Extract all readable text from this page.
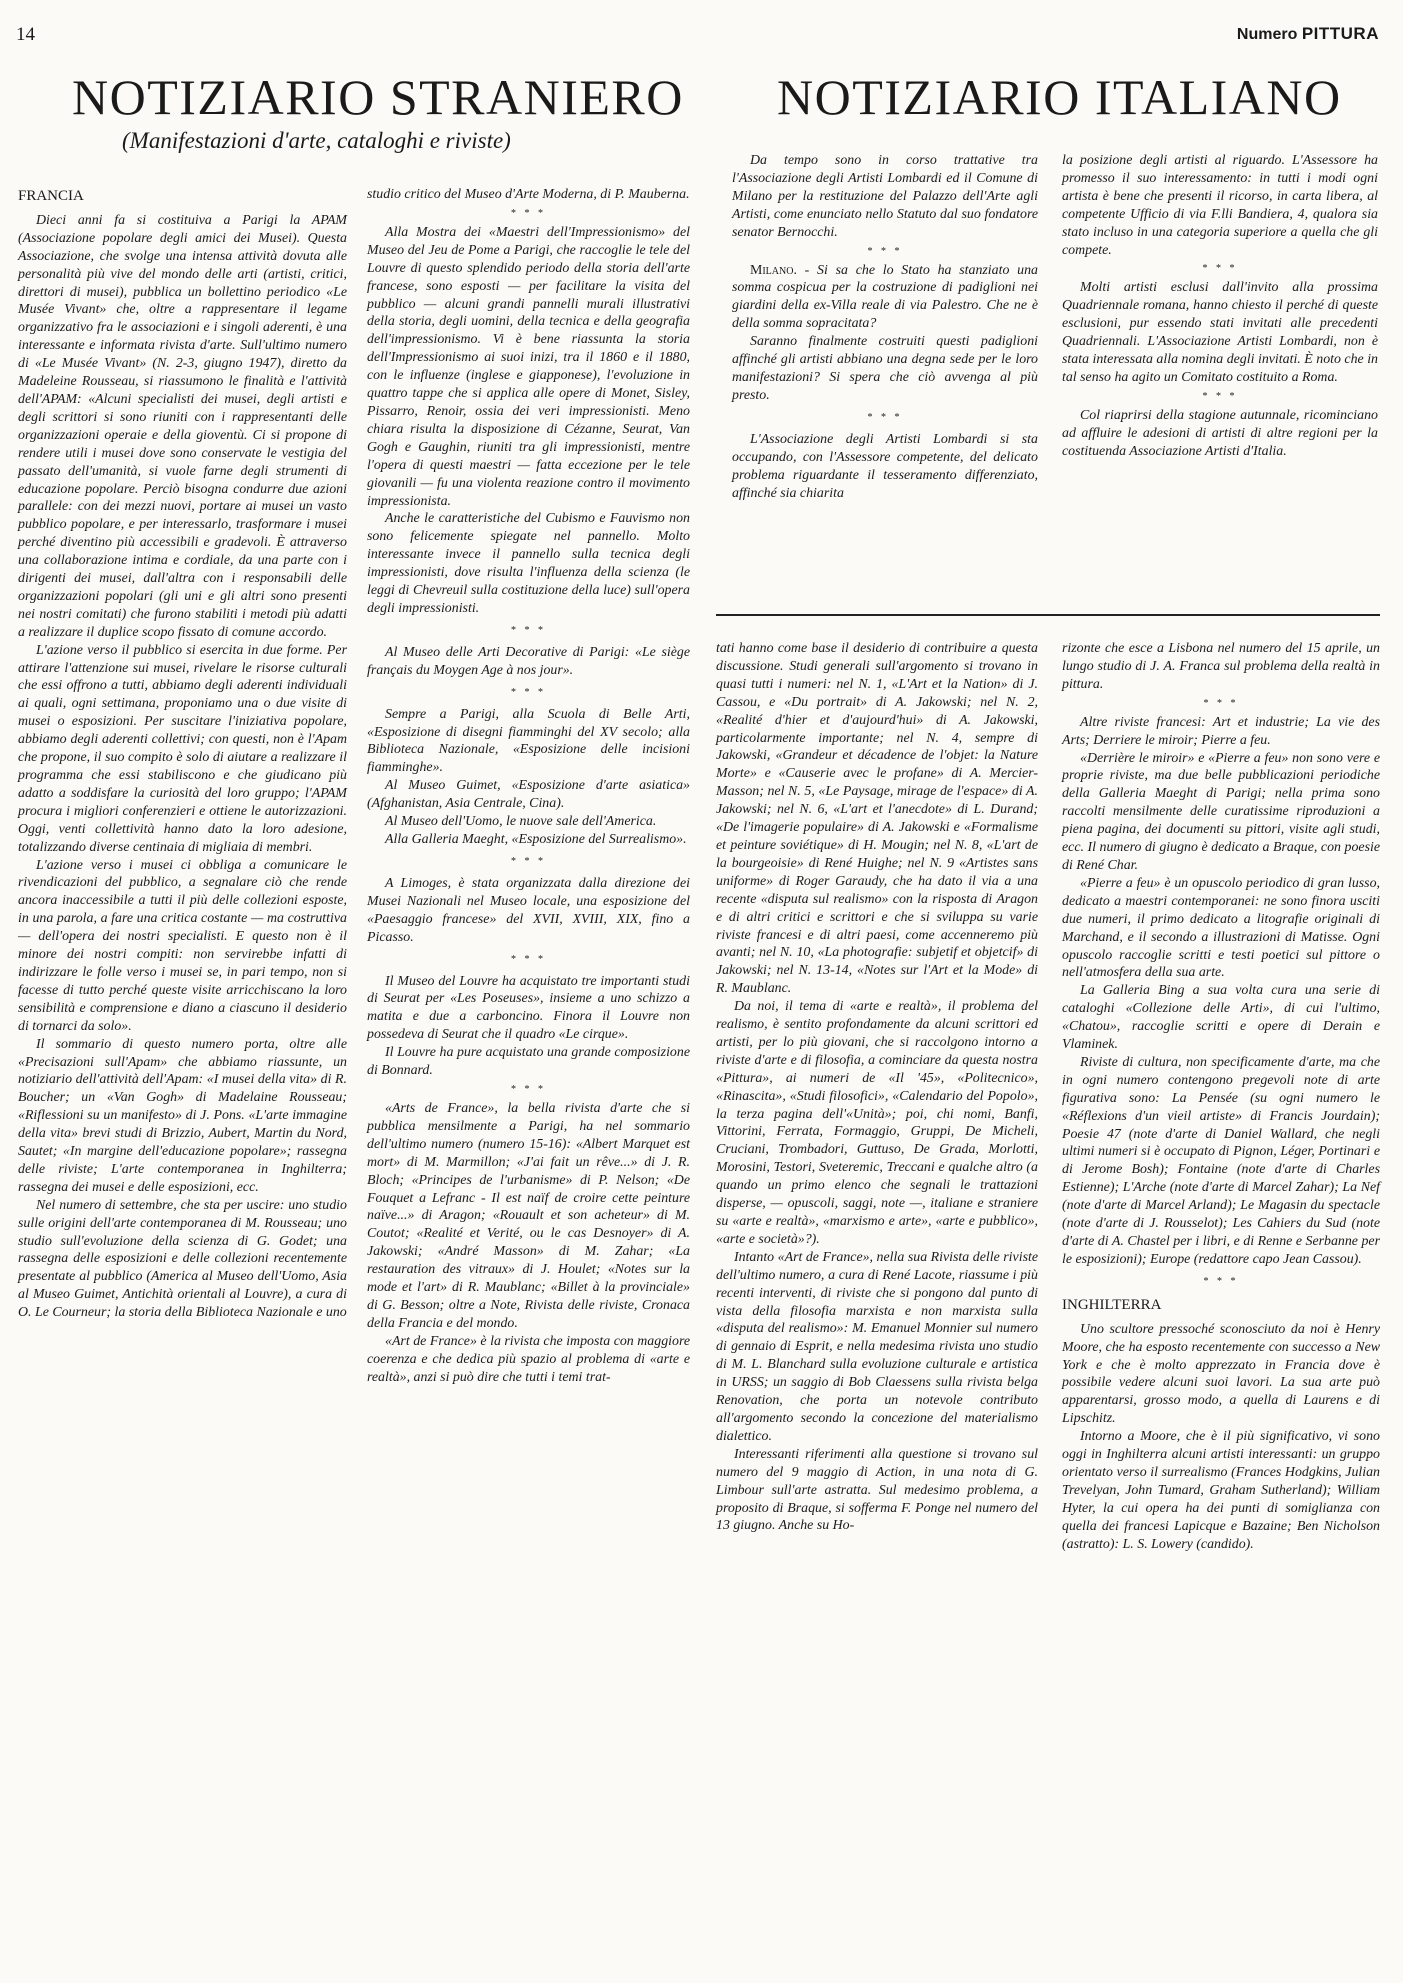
14	Numero PITTURA
NOTIZIARIO STRANIERO NOTIZIARIO ITALIANO
(Manifestazioni d'arte, cataloghi e riviste)

FRANCIA

Dieci anni fa si costituiva a Parigi la APAM (Associazione popolare degli amici dei Musei). Questa Associazione, che svolge una intensa attività dovuta alle personalità più vive del mondo delle arti (artisti, critici, direttori di musei), pubblica un bollettino periodico «Le Musée Vivant» che, oltre a rappresentare il legame organizzativo fra le associazioni e i singoli aderenti, è una interessante e informata rivista d'arte. Sull'ultimo numero di «Le Musée Vivant» (N. 2-3, giugno 1947), diretto da Madeleine Rousseau, si riassumono le finalità e l'attività dell'APAM: «Alcuni specialisti dei musei, degli artisti e degli scrittori si sono riuniti con i rappresentanti delle organizzazioni operaie e della gioventù. Ci si propone di rendere utili i musei dove sono conservate le vestigia del passato dell'umanità, si vuole farne degli strumenti di educazione popolare. Perciò bisogna condurre due azioni parallele: con dei mezzi nuovi, portare ai musei un vasto pubblico popolare, e per interessarlo, trasformare i musei perché diventino più accessibili e gradevoli. È attraverso una collaborazione intima e cordiale, da una parte con i dirigenti dei musei, dall'altra con i responsabili delle organizzazioni popolari (gli uni e gli altri sono presenti nei nostri comitati) che furono stabiliti i metodi più adatti a realizzare il duplice scopo fissato di comune accordo.

L'azione verso il pubblico si esercita in due forme. Per attirare l'attenzione sui musei, rivelare le risorse culturali che essi offrono a tutti, abbiamo degli aderenti individuali ai quali, ogni settimana, proponiamo una o due visite di musei o esposizioni. Per suscitare l'iniziativa popolare, abbiamo degli aderenti collettivi; con questi, non è l'Apam che propone, il suo compito è solo di aiutare a realizzare il programma che essi stabiliscono e che giudicano più adatto a soddisfare la curiosità del loro gruppo; l'APAM procura i migliori conferenzieri e ottiene le autorizzazioni. Oggi, venti collettività hanno dato la loro adesione, totalizzando diverse centinaia di migliaia di membri.

L'azione verso i musei ci obbliga a comunicare le rivendicazioni del pubblico, a segnalare ciò che rende ancora inaccessibile a tutti il più delle collezioni esposte, in una parola, a fare una critica costante — ma costruttiva — dell'opera dei nostri specialisti. E questo non è il minore dei nostri compiti: non servirebbe infatti di indirizzare le folle verso i musei se, in pari tempo, non si facesse di tutto perché queste visite arricchiscano la loro sensibilità e comprensione e diano a ciascuno il desiderio di tornarci da solo».

Il sommario di questo numero porta, oltre alle «Precisazioni sull'Apam» che abbiamo riassunte, un notiziario dell'attività dell'Apam: «I musei della vita» di R. Boucher; un «Van Gogh» di Madelaine Rousseau; «Riflessioni su un manifesto» di J. Pons. «L'arte immagine della vita» brevi studi di Brizzio, Aubert, Martin du Nord, Sautet; «In margine dell'educazione popolare»; rassegna delle riviste; L'arte contemporanea in Inghilterra; rassegna dei musei e delle esposizioni, ecc.

Nel numero di settembre, che sta per uscire: uno studio sulle origini dell'arte contemporanea di M. Rousseau; uno studio sull'evoluzione della scienza di G. Godet; una rassegna delle esposizioni e delle collezioni recentemente presentate al pubblico (America al Museo dell'Uomo, Asia al Museo Guimet, Antichità orientali al Louvre), a cura di O. Le Courneur; la storia della Biblioteca Nazionale e uno

studio critico del Museo d'Arte Moderna, di P. Mauberna.

* * *

Alla Mostra dei «Maestri dell'Impressionismo» del Museo del Jeu de Pome a Parigi, che raccoglie le tele del Louvre di questo splendido periodo della storia dell'arte francese, sono esposti — per facilitare la visita del pubblico — alcuni grandi pannelli murali illustrativi della storia, degli uomini, della tecnica e della geografia dell'impressionismo. Vi è bene riassunta la storia dell'Impressionismo ai suoi inizi, tra il 1860 e il 1880, con le influenze (inglese e giapponese), l'evoluzione in quattro tappe che si applica alle opere di Monet, Sisley, Pissarro, Renoir, ossia dei veri impressionisti. Meno chiara risulta la disposizione di Cézanne, Seurat, Van Gogh e Gaughin, riuniti tra gli impressionisti, mentre l'opera di questi maestri — fatta eccezione per le tele giovanili — fu una violenta reazione contro il movimento impressionista.

Anche le caratteristiche del Cubismo e Fauvismo non sono felicemente spiegate nel pannello. Molto interessante invece il pannello sulla tecnica degli impressionisti, dove risulta l'influenza della scienza (le leggi di Chevreuil sulla costituzione della luce) sull'opera degli impressionisti.

* * *

Al Museo delle Arti Decorative di Parigi: «Le siège français du Moygen Age à nos jour».

* * *

Sempre a Parigi, alla Scuola di Belle Arti, «Esposizione di disegni fiamminghi del XV secolo; alla Biblioteca Nazionale, «Esposizione delle incisioni fiamminghe».

Al Museo Guimet, «Esposizione d'arte asiatica» (Afghanistan, Asia Centrale, Cina).

Al Museo dell'Uomo, le nuove sale dell'America.

Alla Galleria Maeght, «Esposizione del Surrealismo».

* * *

A Limoges, è stata organizzata dalla direzione dei Musei Nazionali nel Museo locale, una esposizione del «Paesaggio francese» del XVII, XVIII, XIX, fino a Picasso.

* * *

Il Museo del Louvre ha acquistato tre importanti studi di Seurat per «Les Poseuses», insieme a uno schizzo a matita e due a carboncino. Finora il Louvre non possedeva di Seurat che il quadro «Le cirque».

Il Louvre ha pure acquistato una grande composizione di Bonnard.

* * *

«Arts de France», la bella rivista d'arte che si pubblica mensilmente a Parigi, ha nel sommario dell'ultimo numero (numero 15-16): «Albert Marquet est mort» di M. Marmillon; «J'ai fait un rêve...» di J. R. Bloch; «Principes de l'urbanisme» di P. Nelson; «De Fouquet a Lefranc - Il est naïf de croire cette peinture naïve...» di Aragon; «Rouault et son acheteur» di M. Coutot; «Realité et Verité, ou le cas Desnoyer» di A. Jakowski; «André Masson» di M. Zahar; «La restauration des vitraux» di J. Houlet; «Notes sur la mode et l'art» di R. Maublanc; «Billet à la provinciale» di G. Besson; oltre a Note, Rivista delle riviste, Cronaca della Francia e del mondo.

«Art de France» è la rivista che imposta con maggiore coerenza e che dedica più spazio al problema di «arte e realtà», anzi si può dire che tutti i temi trat-

Da tempo sono in corso trattative tra l'Associazione degli Artisti Lombardi ed il Comune di Milano per la restituzione del Palazzo dell'Arte agli Artisti, come enunciato nello Statuto dal suo fondatore senator Bernocchi.

* * *

Milano. - Si sa che lo Stato ha stanziato una somma cospicua per la costruzione di padiglioni nei giardini della ex-Villa reale di via Palestro. Che ne è della somma sopracitata?

Saranno finalmente costruiti questi padiglioni affinché gli artisti abbiano una degna sede per le loro manifestazioni? Si spera che ciò avvenga al più presto.

* * *

L'Associazione degli Artisti Lombardi si sta occupando, con l'Assessore competente, del delicato problema riguardante il tesseramento differenziato, affinché sia chiarita

la posizione degli artisti al riguardo. L'Assessore ha promesso il suo interessamento: in tutti i modi ogni artista è bene che presenti il ricorso, in carta libera, al competente Ufficio di via F.lli Bandiera, 4, qualora sia stato incluso in una categoria superiore a quella che gli compete.

* * *

Molti artisti esclusi dall'invito alla prossima Quadriennale romana, hanno chiesto il perché di queste esclusioni, pur essendo stati invitati alle precedenti Quadriennali. L'Associazione Artisti Lombardi, non è stata interessata alla nomina degli invitati. È noto che in tal senso ha agito un Comitato costituito a Roma.

* * *

Col riaprirsi della stagione autunnale, ricominciano ad affluire le adesioni di artisti di altre regioni per la costituenda Associazione Artisti d'Italia.

tati hanno come base il desiderio di contribuire a questa discussione. Studi generali sull'argomento si trovano in quasi tutti i numeri: nel N. 1, «L'Art et la Nation» di J. Cassou, e «Du portrait» di A. Jakowski; nel N. 2, «Realité d'hier et d'aujourd'hui» di A. Jakowski, particolarmente importante; nel N. 4, sempre di Jakowski, «Grandeur et décadence de l'objet: la Nature Morte» e «Causerie avec le profane» di A. Mercier-Masson; nel N. 5, «Le Paysage, mirage de l'espace» di A. Jakowski; nel N. 6, «L'art et l'anecdote» di L. Durand; «De l'imagerie populaire» di A. Jakowski e «Formalisme et peinture soviétique» di H. Mougin; nel N. 8, «L'art de la bourgeoisie» di René Huighe; nel N. 9 «Artistes sans uniforme» di Roger Garaudy, che ha dato il via a una recente «disputa sul realismo» con la risposta di Aragon e di altri critici e scrittori e che si sviluppa su varie riviste francesi e di altri paesi, come accenneremo più avanti; nel N. 10, «La photografie: subjetif et objetcif» di Jakowski; nel N. 13-14, «Notes sur l'Art et la Mode» di R. Maublanc.

Da noi, il tema di «arte e realtà», il problema del realismo, è sentito profondamente da alcuni scrittori ed artisti, per lo più giovani, che si raccolgono intorno a riviste d'arte e di filosofia, a cominciare da questa nostra «Pittura», ai numeri de «Il '45», «Politecnico», «Rinascita», «Studi filosofici», «Calendario del Popolo», la terza pagina dell'«Unità»; poi, chi nomi, Banfi, Vittorini, Ferrata, Formaggio, Gruppi, De Micheli, Cruciani, Trombadori, Guttuso, De Grada, Morlotti, Morosini, Testori, Sveteremic, Treccani e qualche altro (a quando un primo elenco che segnali le trattazioni disperse, — opuscoli, saggi, note —, italiane e straniere su «arte e realtà», «marxismo e arte», «arte e pubblico», «arte e società»?).

Intanto «Art de France», nella sua Rivista delle riviste dell'ultimo numero, a cura di René Lacote, riassume i più recenti interventi, di riviste che si pongono dal punto di vista della filosofia marxista e non marxista sulla «disputa del realismo»: M. Emanuel Monnier sul numero di gennaio di Esprit, e nella medesima rivista uno studio di M. L. Blanchard sulla evoluzione culturale e artistica in URSS; un saggio di Bob Claessens sulla rivista belga Renovation, che porta un notevole contributo all'argomento secondo la concezione del materialismo dialettico.

Interessanti riferimenti alla questione si trovano sul numero del 9 maggio di Action, in una nota di G. Limbour sull'arte astratta. Sul medesimo problema, a proposito di Braque, si sofferma F. Ponge nel numero del 13 giugno. Anche su Ho-

rizonte che esce a Lisbona nel numero del 15 aprile, un lungo studio di J. A. Franca sul problema della realtà in pittura.

* * *

Altre riviste francesi: Art et industrie; La vie des Arts; Derriere le miroir; Pierre a feu.

«Derrière le miroir» e «Pierre a feu» non sono vere e proprie riviste, ma due belle pubblicazioni periodiche della Galleria Maeght di Parigi; nella prima sono raccolti mensilmente delle curatissime riproduzioni a piena pagina, dei documenti su pittori, visite agli studi, ecc. Il numero di giugno è dedicato a Braque, con poesie di René Char.

«Pierre a feu» è un opuscolo periodico di gran lusso, dedicato a maestri contemporanei: ne sono finora usciti due numeri, il primo dedicato a litografie originali di Marchand, e il secondo a illustrazioni di Matisse. Ogni opuscolo raccoglie scritti e testi poetici sul pittore o nell'atmosfera della sua arte.

La Galleria Bing a sua volta cura una serie di cataloghi «Collezione delle Arti», di cui l'ultimo, «Chatou», raccoglie scritti e opere di Derain e Vlaminek.

Riviste di cultura, non specificamente d'arte, ma che in ogni numero contengono pregevoli note di arte figurativa sono: La Pensée (su ogni numero le «Réflexions d'un vieil artiste» di Francis Jourdain); Poesie 47 (note d'arte di Daniel Wallard, che negli ultimi numeri si è occupato di Pignon, Léger, Portinari e di Jerome Bosh); Fontaine (note d'arte di Charles Estienne); L'Arche (note d'arte di Marcel Zahar); La Nef (note d'arte di Marcel Arland); Le Magasin du spectacle (note d'arte di J. Rousselot); Les Cahiers du Sud (note d'arte di A. Chastel per i libri, e di Renne e Serbanne per le esposizioni); Europe (redattore capo Jean Cassou).

* * *

INGHILTERRA

Uno scultore pressoché sconosciuto da noi è Henry Moore, che ha esposto recentemente con successo a New York e che è molto apprezzato in Francia dove è possibile vedere alcuni suoi lavori. La sua arte può apparentarsi, grosso modo, a quella di Laurens e di Lipschitz.

Intorno a Moore, che è il più significativo, vi sono oggi in Inghilterra alcuni artisti interessanti: un gruppo orientato verso il surrealismo (Frances Hodgkins, Julian Trevelyan, John Tumard, Graham Sutherland); William Hyter, la cui opera ha dei punti di somiglianza con quella dei francesi Lapicque e Bazaine; Ben Nicholson (astratto): L. S. Lowery (candido).
